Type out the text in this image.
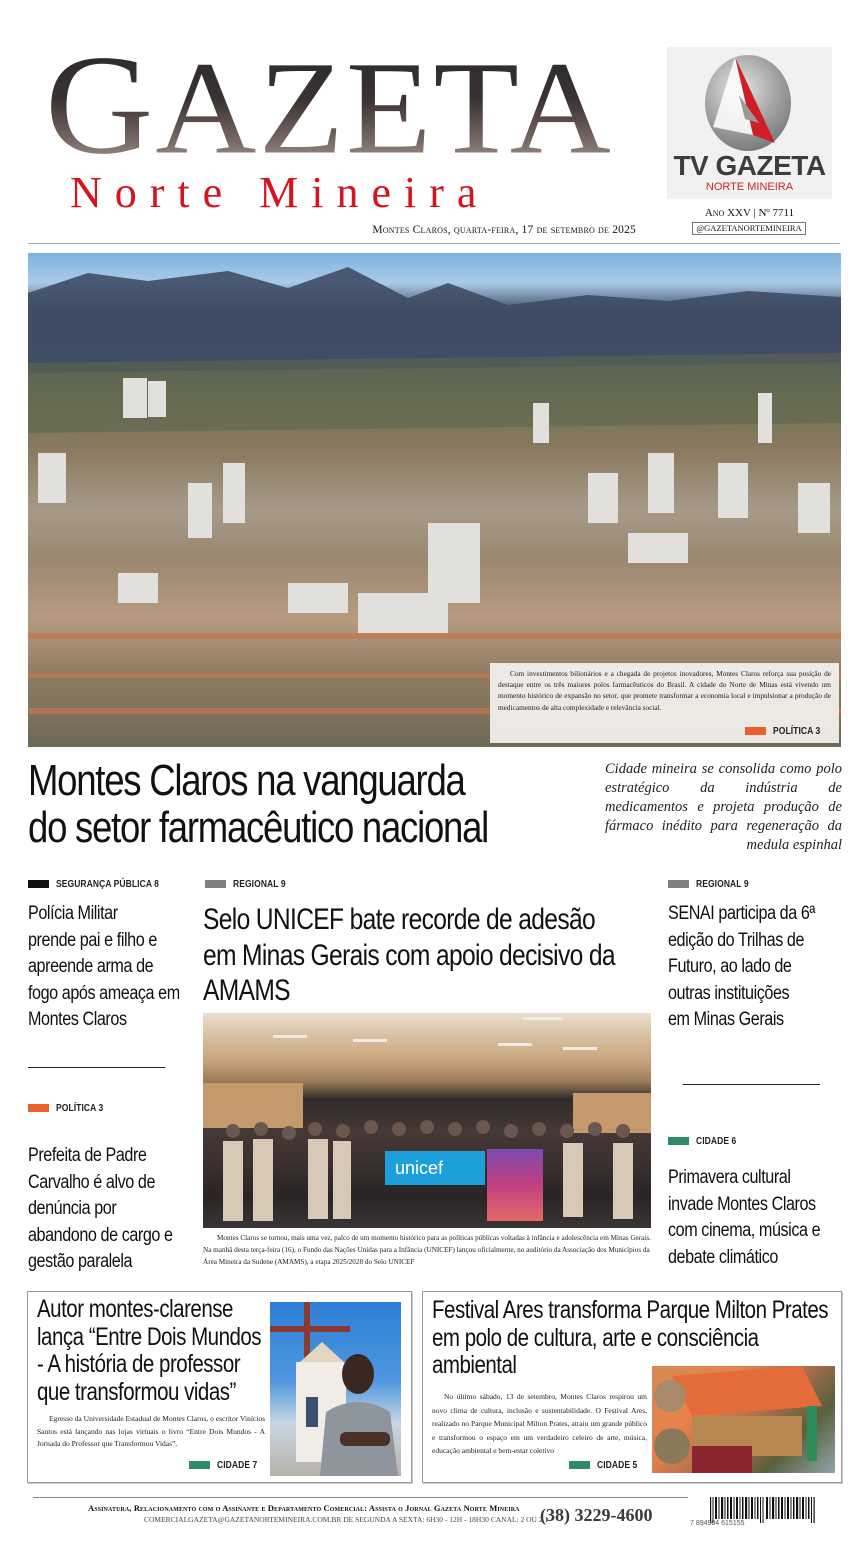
GAZETA
Norte Mineira
Montes Claros, quarta-feira, 17 de setembro de 2025
TV GAZETA
NORTE MINEIRA
Ano XXV | Nº 7711
@GAZETANORTEMINEIRA
Com investimentos bilionários e a chegada de projetos inovadores, Montes Claros reforça sua posição de destaque entre os três maiores polos farmacêuticos do Brasil. A cidade do Norte de Minas está vivendo um momento histórico de expansão no setor, que promete transformar a economia local e impulsionar a produção de medicamentos de alta complexidade e relevância social.
POLÍTICA 3
Montes Claros na vanguarda
do setor farmacêutico nacional
Cidade mineira se consolida como polo estratégico da indústria de medicamentos e projeta produção de fármaco inédito para regeneração da medula espinhal
SEGURANÇA PÚBLICA 8
Polícia Militar
prende pai e filho e
apreende arma de
fogo após ameaça em
Montes Claros
POLÍTICA 3
Prefeita de Padre
Carvalho é alvo de
denúncia por
abandono de cargo e
gestão paralela
REGIONAL 9
Selo UNICEF bate recorde de adesão
em Minas Gerais com apoio decisivo da
AMAMS
unicef
Montes Claros se tornou, mais uma vez, palco de um momento histórico para as políticas públicas voltadas à infância e adolescência em Minas Gerais. Na manhã desta terça-feira (16), o Fundo das Nações Unidas para a Infância (UNICEF) lançou oficialmente, no auditório da Associação dos Municípios da Área Mineira da Sudene (AMAMS), a etapa 2025/2028 do Selo UNICEF
REGIONAL 9
SENAI participa da 6ª
edição do Trilhas de
Futuro, ao lado de
outras instituições
em Minas Gerais
CIDADE 6
Primavera cultural
invade Montes Claros
com cinema, música e
debate climático
Autor montes-clarense
lança “Entre Dois Mundos
- A história de professor
que transformou vidas”
Egresso da Universidade Estadual de Montes Claros, o escritor Vinícios Santos está lançando nas lojas virtuais o livro “Entre Dois Mundos - A Jornada do Professor que Transformou Vidas”.
CIDADE 7
Festival Ares transforma Parque Milton Prates
em polo de cultura, arte e consciência
ambiental
No último sábado, 13 de setembro, Montes Claros respirou um novo clima de cultura, inclusão e sustentabilidade. O Festival Ares, realizado no Parque Municipal Milton Prates, atraiu um grande público e transformou o espaço em um verdadeiro celeiro de arte, música, educação ambiental e bem-estar coletivo
CIDADE 5
Assinatura, Relacionamento com o Assinante e Departamento Comercial: Assista o Jornal Gazeta Norte Mineira
COMERCIALGAZETA@GAZETANORTEMINEIRA.COM.BR DE SEGUNDA A SEXTA: 6H30 - 12H - 18H30 CANAL: 2 OU 2.1
(38) 3229-4600	7 894904 615155
